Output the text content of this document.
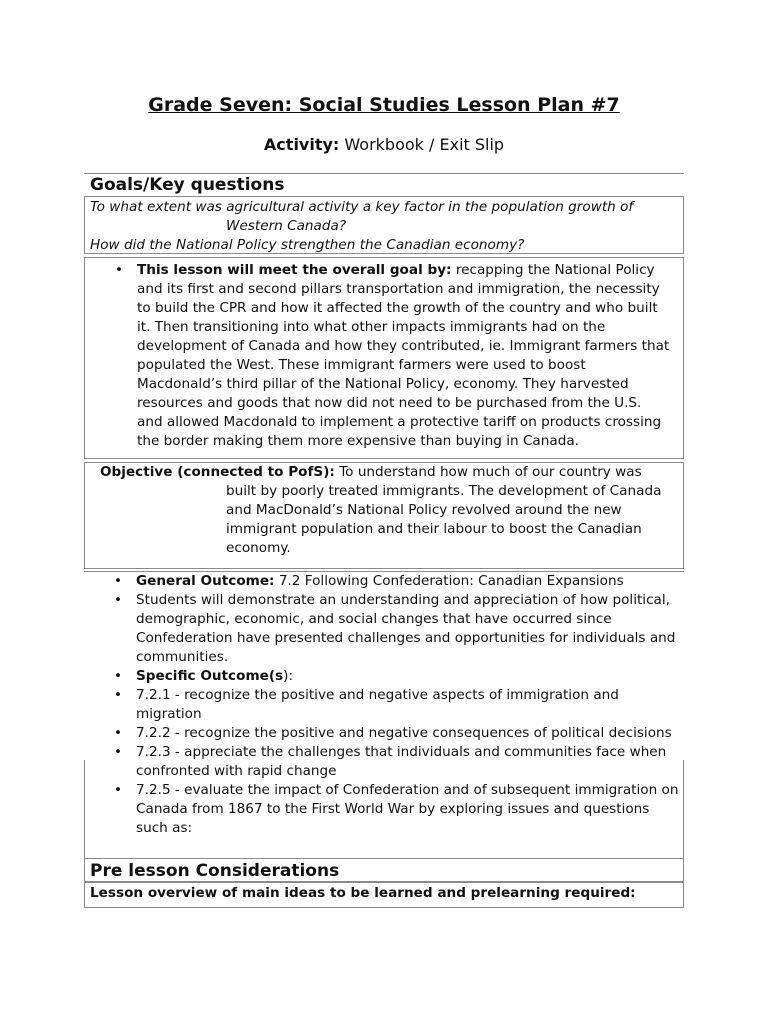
Grade Seven: Social Studies Lesson Plan #7
Activity: Workbook / Exit Slip
Goals/Key questions

To what extent was agricultural activity a key factor in the population growth of

Western Canada?

How did the National Policy strengthen the Canadian economy?

•	This lesson will meet the overall goal by: recapping the National Policy and its first and second pillars transportation and immigration, the necessity to build the CPR and how it affected the growth of the country and who built it. Then transitioning into what other impacts immigrants had on the development of Canada and how they contributed, ie. Immigrant farmers that populated the West. These immigrant farmers were used to boost Macdonald’s third pillar of the National Policy, economy. They harvested resources and goods that now did not need to be purchased from the U.S. and allowed Macdonald to implement a protective tariff on products crossing the border making them more expensive than buying in Canada.
Objective (connected to PofS): To understand how much of our country was
built by poorly treated immigrants. The development of Canada and MacDonald’s National Policy revolved around the new immigrant population and their labour to boost the Canadian economy.
•	General Outcome: 7.2 Following Confederation: Canadian Expansions
•	Students will demonstrate an understanding and appreciation of how political, demographic, economic, and social changes that have occurred since Confederation have presented challenges and opportunities for individuals and communities.
•	Specific Outcome(s):
•	7.2.1 - recognize the positive and negative aspects of immigration and migration
•	7.2.2 - recognize the positive and negative consequences of political decisions
•	7.2.3 - appreciate the challenges that individuals and communities face when confronted with rapid change
•	7.2.5 - evaluate the impact of Confederation and of subsequent immigration on Canada from 1867 to the First World War by exploring issues and questions such as:
Pre lesson Considerations
Lesson overview of main ideas to be learned and prelearning required:
